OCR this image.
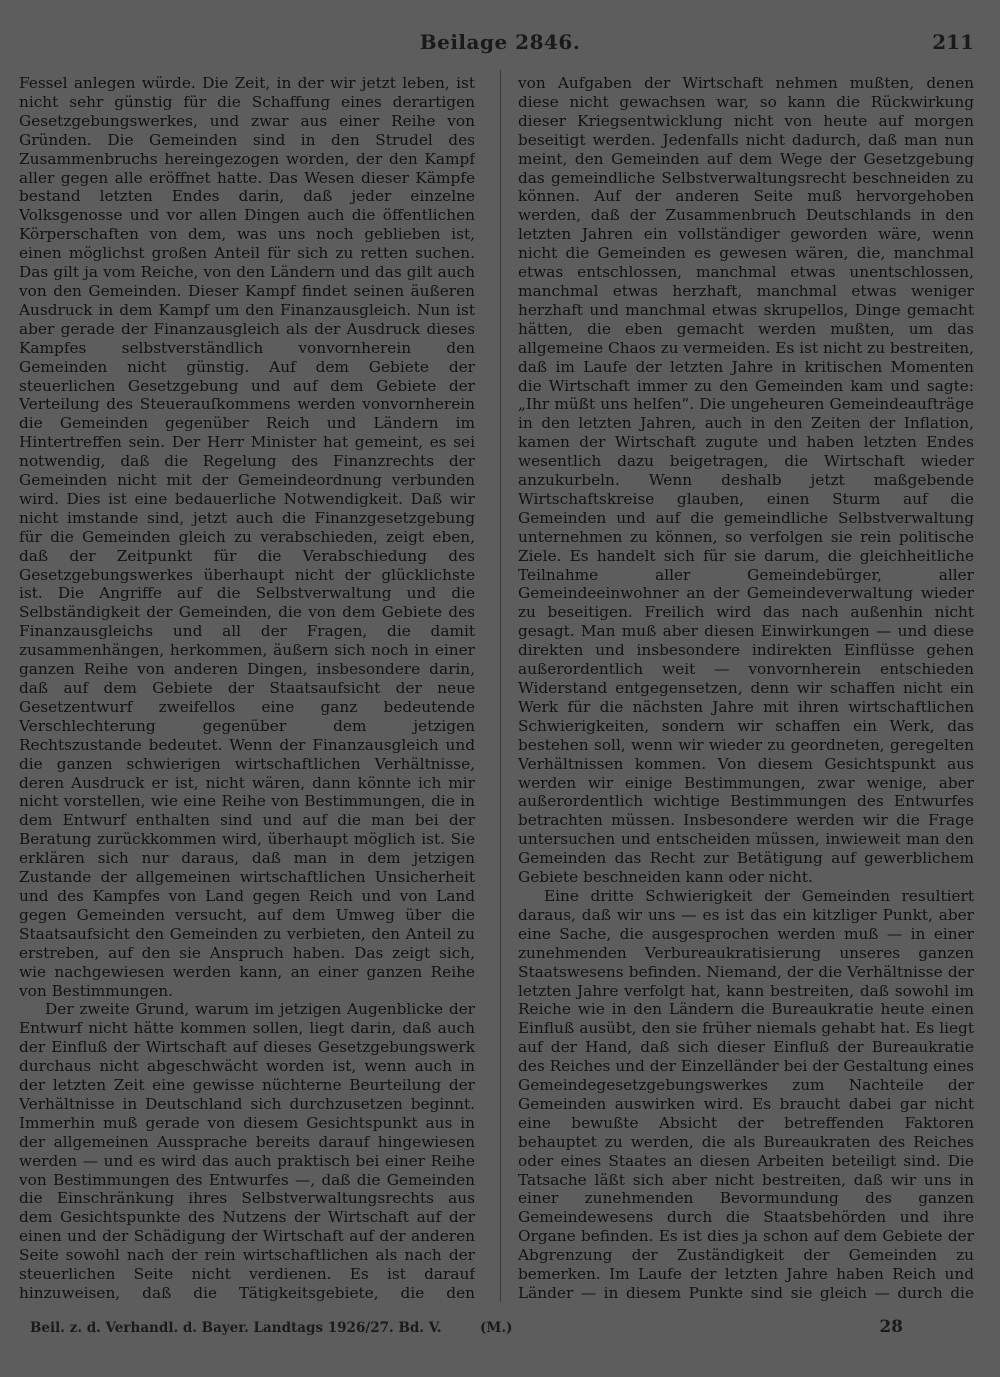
Beilage 2846.	211

Fessel anlegen würde. Die Zeit, in der wir jetzt leben, ist nicht sehr günstig für die Schaffung eines derartigen Gesetzgebungswerkes, und zwar aus einer Reihe von Gründen. Die Gemeinden sind in den Strudel des Zusammenbruchs hereingezogen worden, der den Kampf aller gegen alle eröffnet hatte. Das Wesen dieser Kämpfe bestand letzten Endes darin, daß jeder einzelne Volksgenosse und vor allen Dingen auch die öffentlichen Körperschaften von dem, was uns noch geblieben ist, einen möglichst großen Anteil für sich zu retten suchen. Das gilt ja vom Reiche, von den Ländern und das gilt auch von den Gemeinden. Dieser Kampf findet seinen äußeren Ausdruck in dem Kampf um den Finanzausgleich. Nun ist aber gerade der Finanzausgleich als der Ausdruck dieses Kampfes selbstverständlich vonvornherein den Gemeinden nicht günstig. Auf dem Gebiete der steuerlichen Gesetzgebung und auf dem Gebiete der Verteilung des Steuerauſkommens werden vonvornherein die Gemeinden gegenüber Reich und Ländern im Hintertreffen sein. Der Herr Minister hat gemeint, es sei notwendig, daß die Regelung des Finanzrechts der Gemeinden nicht mit der Gemeindeordnung verbunden wird. Dies ist eine bedauerliche Notwendigkeit. Daß wir nicht imstande sind, jetzt auch die Finanzgesetzgebung für die Gemeinden gleich zu verabschieden, zeigt eben, daß der Zeitpunkt für die Verabschiedung des Gesetzgebungswerkes überhaupt nicht der glücklichste ist. Die Angriffe auf die Selbstverwaltung und die Selbständigkeit der Gemeinden, die von dem Gebiete des Finanzausgleichs und all der Fragen, die damit zusammenhängen, herkommen, äußern sich noch in einer ganzen Reihe von anderen Dingen, insbesondere darin, daß auf dem Gebiete der Staatsaufsicht der neue Gesetzentwurf zweifellos eine ganz bedeutende Verschlechterung gegenüber dem jetzigen Rechtszustande bedeutet. Wenn der Finanzausgleich und die ganzen schwierigen wirtschaftlichen Verhältnisse, deren Ausdruck er ist, nicht wären, dann könnte ich mir nicht vorstellen, wie eine Reihe von Bestimmungen, die in dem Entwurf enthalten sind und auf die man bei der Beratung zurückkommen wird, überhaupt möglich ist. Sie erklären sich nur daraus, daß man in dem jetzigen Zustande der allgemeinen wirtschaftlichen Unsicherheit und des Kampfes von Land gegen Reich und von Land gegen Gemeinden versucht, auf dem Umweg über die Staatsaufsicht den Gemeinden zu verbieten, den Anteil zu erstreben, auf den sie Anspruch haben. Das zeigt sich, wie nachgewiesen werden kann, an einer ganzen Reihe von Bestimmungen.

Der zweite Grund, warum im jetzigen Augenblicke der Entwurf nicht hätte kommen sollen, liegt darin, daß auch der Einfluß der Wirtschaft auf dieses Gesetzgebungswerk durchaus nicht abgeschwächt worden ist, wenn auch in der letzten Zeit eine gewisse nüchterne Beurteilung der Verhältnisse in Deutschland sich durchzusetzen beginnt. Immerhin muß gerade von diesem Gesichtspunkt aus in der allgemeinen Aussprache bereits darauf hingewiesen werden — und es wird das auch praktisch bei einer Reihe von Bestimmungen des Entwurfes —, daß die Gemeinden die Einschränkung ihres Selbstverwaltungsrechts aus dem Gesichtspunkte des Nutzens der Wirtschaft auf der einen und der Schädigung der Wirtschaft auf der anderen Seite sowohl nach der rein wirtschaftlichen als nach der steuerlichen Seite nicht verdienen. Es ist darauf hinzuweisen, daß die Tätigkeitsgebiete, die den

von Aufgaben der Wirtschaft nehmen mußten, denen diese nicht gewachsen war, so kann die Rückwirkung dieser Kriegsentwicklung nicht von heute auf morgen beseitigt werden. Jedenfalls nicht dadurch, daß man nun meint, den Gemeinden auf dem Wege der Gesetzgebung das gemeindliche Selbstverwaltungsrecht beschneiden zu können. Auf der anderen Seite muß hervorgehoben werden, daß der Zusammenbruch Deutschlands in den letzten Jahren ein vollständiger geworden wäre, wenn nicht die Gemeinden es gewesen wären, die, manchmal etwas entschlossen, manchmal etwas unentschlossen, manchmal etwas herzhaft, manchmal etwas weniger herzhaft und manchmal etwas skrupellos, Dinge gemacht hätten, die eben gemacht werden mußten, um das allgemeine Chaos zu vermeiden. Es ist nicht zu bestreiten, daß im Laufe der letzten Jahre in kritischen Momenten die Wirtschaft immer zu den Gemeinden kam und sagte: „Ihr müßt uns helfen“. Die ungeheuren Gemeindeaufträge in den letzten Jahren, auch in den Zeiten der Inflation, kamen der Wirtschaft zugute und haben letzten Endes wesentlich dazu beigetragen, die Wirtschaft wieder anzukurbeln. Wenn deshalb jetzt maßgebende Wirtschaftskreise glauben, einen Sturm auf die Gemeinden und auf die gemeindliche Selbstverwaltung unternehmen zu können, so verfolgen sie rein politische Ziele. Es handelt sich für sie darum, die gleichheitliche Teilnahme aller Gemeindebürger, aller Gemeindeeinwohner an der Gemeindeverwaltung wieder zu beseitigen. Freilich wird das nach außenhin nicht gesagt. Man muß aber diesen Einwirkungen — und diese direkten und insbesondere indirekten Einflüsse gehen außerordentlich weit — vonvornherein entschieden Widerstand entgegensetzen, denn wir schaffen nicht ein Werk für die nächsten Jahre mit ihren wirtschaftlichen Schwierigkeiten, sondern wir schaffen ein Werk, das bestehen soll, wenn wir wieder zu geordneten, geregelten Verhältnissen kommen. Von diesem Gesichtspunkt aus werden wir einige Bestimmungen, zwar wenige, aber außerordentlich wichtige Bestimmungen des Entwurfes betrachten müssen. Insbesondere werden wir die Frage untersuchen und entscheiden müssen, inwieweit man den Gemeinden das Recht zur Betätigung auf gewerblichem Gebiete beschneiden kann oder nicht.

Eine dritte Schwierigkeit der Gemeinden resultiert daraus, daß wir uns — es ist das ein kitzliger Punkt, aber eine Sache, die ausgesprochen werden muß — in einer zunehmenden Verbureaukratisierung unseres ganzen Staatswesens befinden. Niemand, der die Verhältnisse der letzten Jahre verfolgt hat, kann bestreiten, daß sowohl im Reiche wie in den Ländern die Bureaukratie heute einen Einfluß ausübt, den sie früher niemals gehabt hat. Es liegt auf der Hand, daß sich dieser Einfluß der Bureaukratie des Reiches und der Einzelländer bei der Gestaltung eines Gemeindegesetzgebungswerkes zum Nachteile der Gemeinden auswirken wird. Es braucht dabei gar nicht eine bewußte Absicht der betreffenden Faktoren behauptet zu werden, die als Bureaukraten des Reiches oder eines Staates an diesen Arbeiten beteiligt sind. Die Tatsache läßt sich aber nicht bestreiten, daß wir uns in einer zunehmenden Bevormundung des ganzen Gemeindewesens durch die Staatsbehörden und ihre Organe befinden. Es ist dies ja schon auf dem Gebiete der Abgrenzung der Zuständigkeit der Gemeinden zu bemerken. Im Laufe der letzten Jahre haben Reich und Länder — in diesem Punkte sind sie gleich — durch die

Beil. z. d. Verhandl. d. Bayer. Landtags 1926/27. Bd. V.	(M.)	28
